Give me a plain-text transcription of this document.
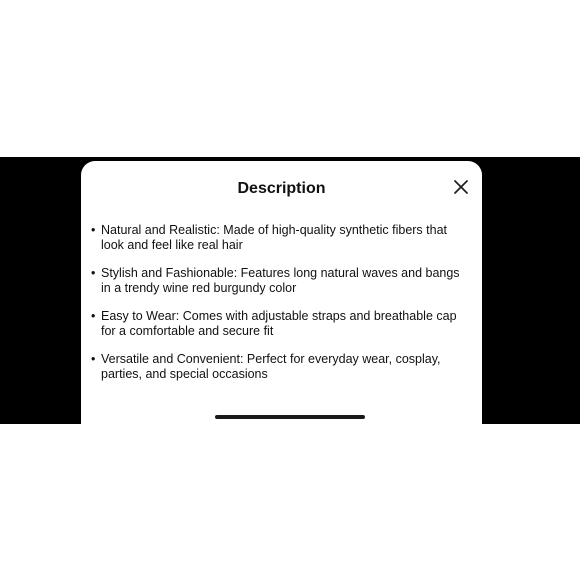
Description
• Natural and Realistic: Made of high-quality synthetic fibers that look and feel like real hair
• Stylish and Fashionable: Features long natural waves and bangs in a trendy wine red burgundy color
• Easy to Wear: Comes with adjustable straps and breathable cap for a comfortable and secure fit
• Versatile and Convenient: Perfect for everyday wear, cosplay, parties, and special occasions
